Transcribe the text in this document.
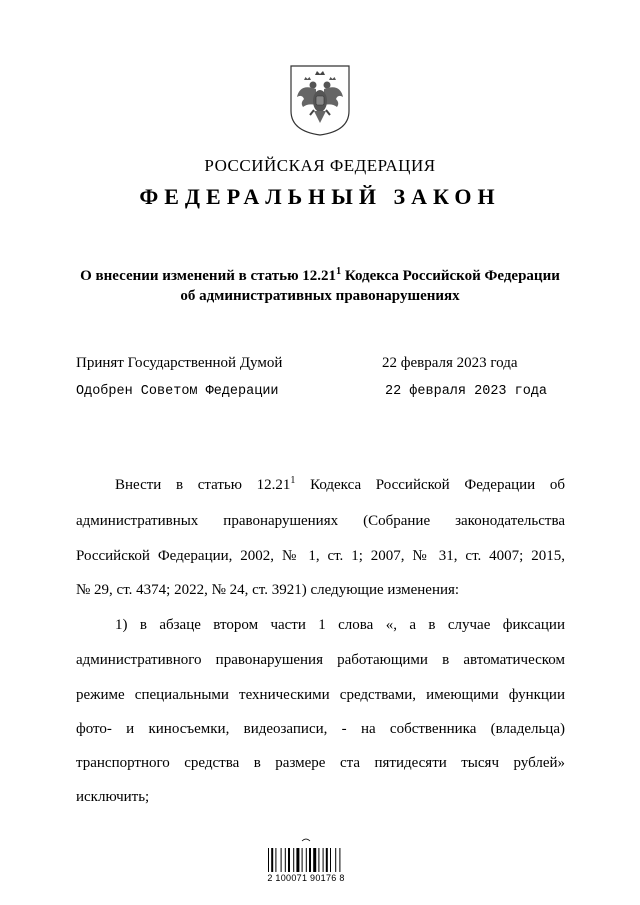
РОССИЙСКАЯ ФЕДЕРАЦИЯ
ФЕДЕРАЛЬНЫЙ ЗАКОН
О внесении изменений в статью 12.21$^1$ Кодекса Российской Федерации
об административных правонарушениях
Принят Государственной Думой	22 февраля 2023 года
Одобрен Советом Федерации	22 февраля 2023 года
Внести в статью 12.21$^1$ Кодекса Российской Федерации об
административных правонарушениях (Собрание законодательства
Российской Федерации, 2002, № 1, ст. 1; 2007, № 31, ст. 4007; 2015,
№ 29, ст. 4374; 2022, № 24, ст. 3921) следующие изменения:
1) в абзаце втором части 1 слова «, а в случае фиксации
административного правонарушения работающими в автоматическом
режиме специальными техническими средствами, имеющими функции
фото- и киносъемки, видеозаписи, - на собственника (владельца)
транспортного средства в размере ста пятидесяти тысяч рублей»
исключить;
2 100071 90176 8
